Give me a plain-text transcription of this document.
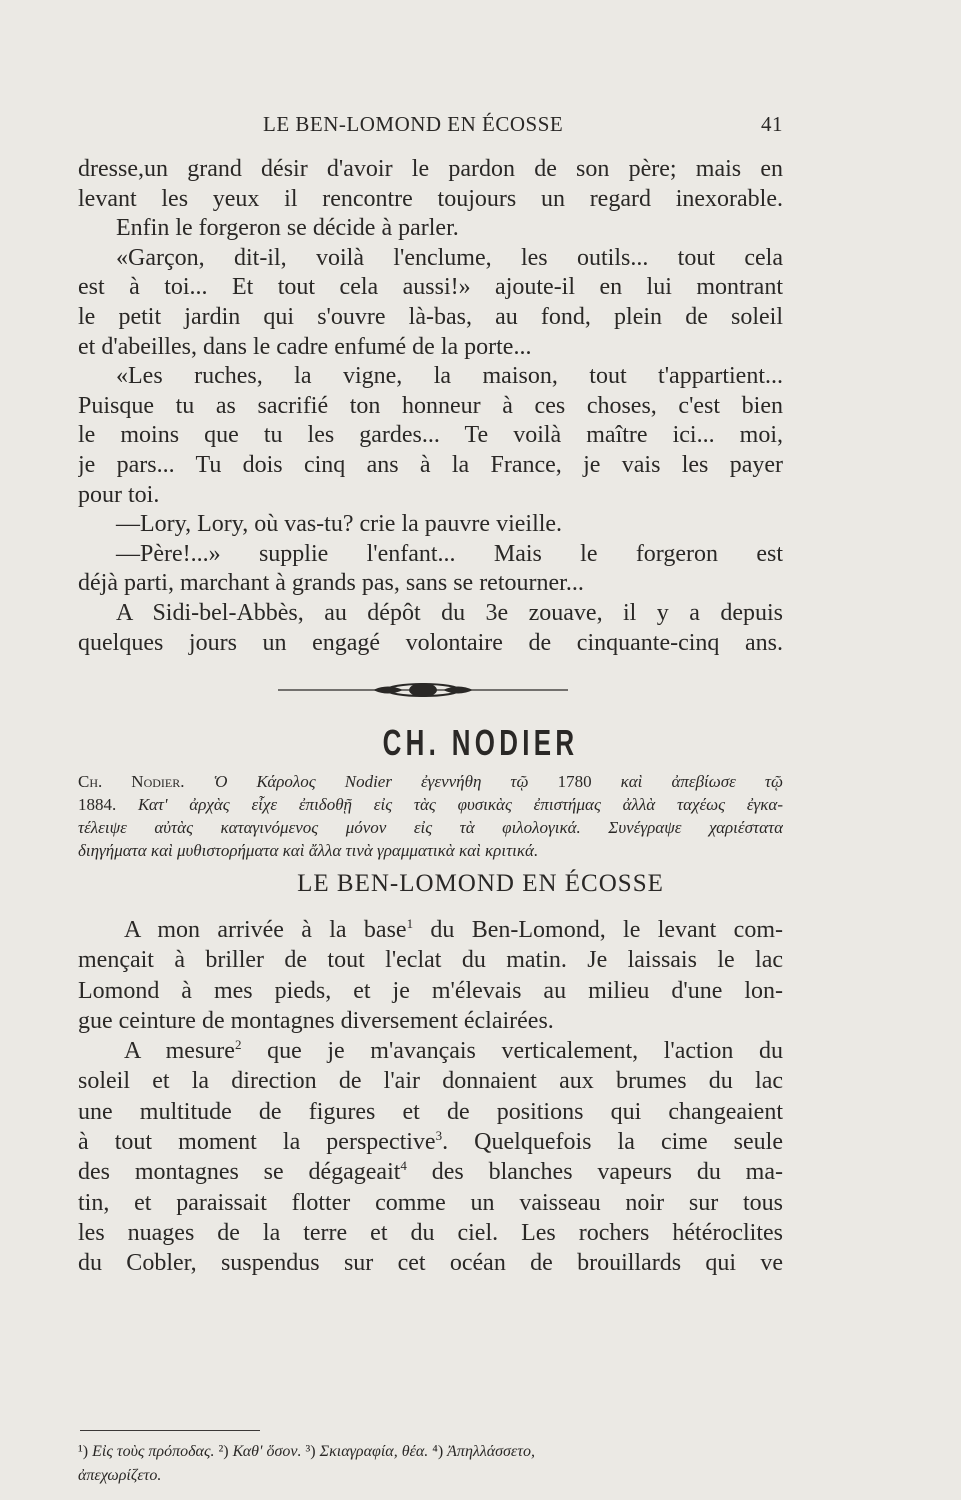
LE BEN-LOMOND EN ÉCOSSE	41
dresse,un grand désir d'avoir le pardon de son père; mais en
levant les yeux il rencontre toujours un regard inexorable.
Enfin le forgeron se décide à parler.
«Garçon, dit-il, voilà l'enclume, les outils... tout cela
est à toi... Et tout cela aussi!» ajoute-il en lui montrant
le petit jardin qui s'ouvre là-bas, au fond, plein de soleil
et d'abeilles, dans le cadre enfumé de la porte...
«Les ruches, la vigne, la maison, tout t'appartient...
Puisque tu as sacrifié ton honneur à ces choses, c'est bien
le moins que tu les gardes... Te voilà maître ici... moi,
je pars... Tu dois cinq ans à la France, je vais les payer
pour toi.
—Lory, Lory, où vas-tu? crie la pauvre vieille.
—Père!...» supplie l'enfant... Mais le forgeron est
déjà parti, marchant à grands pas, sans se retourner...
A Sidi-bel-Abbès, au dépôt du 3e zouave, il y a depuis
quelques jours un engagé volontaire de cinquante-cinq ans.
CH. NODIER
Ch. Nodier. Ὁ Κάρολος Nodier ἐγεννήθη τῷ 1780 καὶ ἀπεβίωσε τῷ
1884. Κατ' ἀρχὰς εἶχε ἐπιδοθῇ εἰς τὰς φυσικὰς ἐπιστήμας ἀλλὰ ταχέως ἐγκα-
τέλειψε αὐτὰς καταγινόμενος μόνον εἰς τὰ φιλολογικά. Συνέγραψε χαριέστατα
διηγήματα καὶ μυθιστορήματα καὶ ἄλλα τινὰ γραμματικὰ καὶ κριτικά.
LE BEN-LOMOND EN ÉCOSSE
A mon arrivée à la base$^1$ du Ben-Lomond, le levant com-
mençait à briller de tout l'eclat du matin. Je laissais le lac
Lomond à mes pieds, et je m'élevais au milieu d'une lon-
gue ceinture de montagnes diversement éclairées.
A mesure$^2$ que je m'avançais verticalement, l'action du
soleil et la direction de l'air donnaient aux brumes du lac
une multitude de figures et de positions qui changeaient
à tout moment la perspective$^3$. Quelquefois la cime seule
des montagnes se dégageait$^4$ des blanches vapeurs du ma-
tin, et paraissait flotter comme un vaisseau noir sur tous
les nuages de la terre et du ciel. Les rochers hétéroclites
du Cobler, suspendus sur cet océan de brouillards qui ve
¹) Εἰς τοὺς πρόποδας. ²) Καθ' ὅσον. ³) Σκιαγραφία, θέα. ⁴) Ἀπηλλάσσετο,
ἀπεχωρίζετο.
